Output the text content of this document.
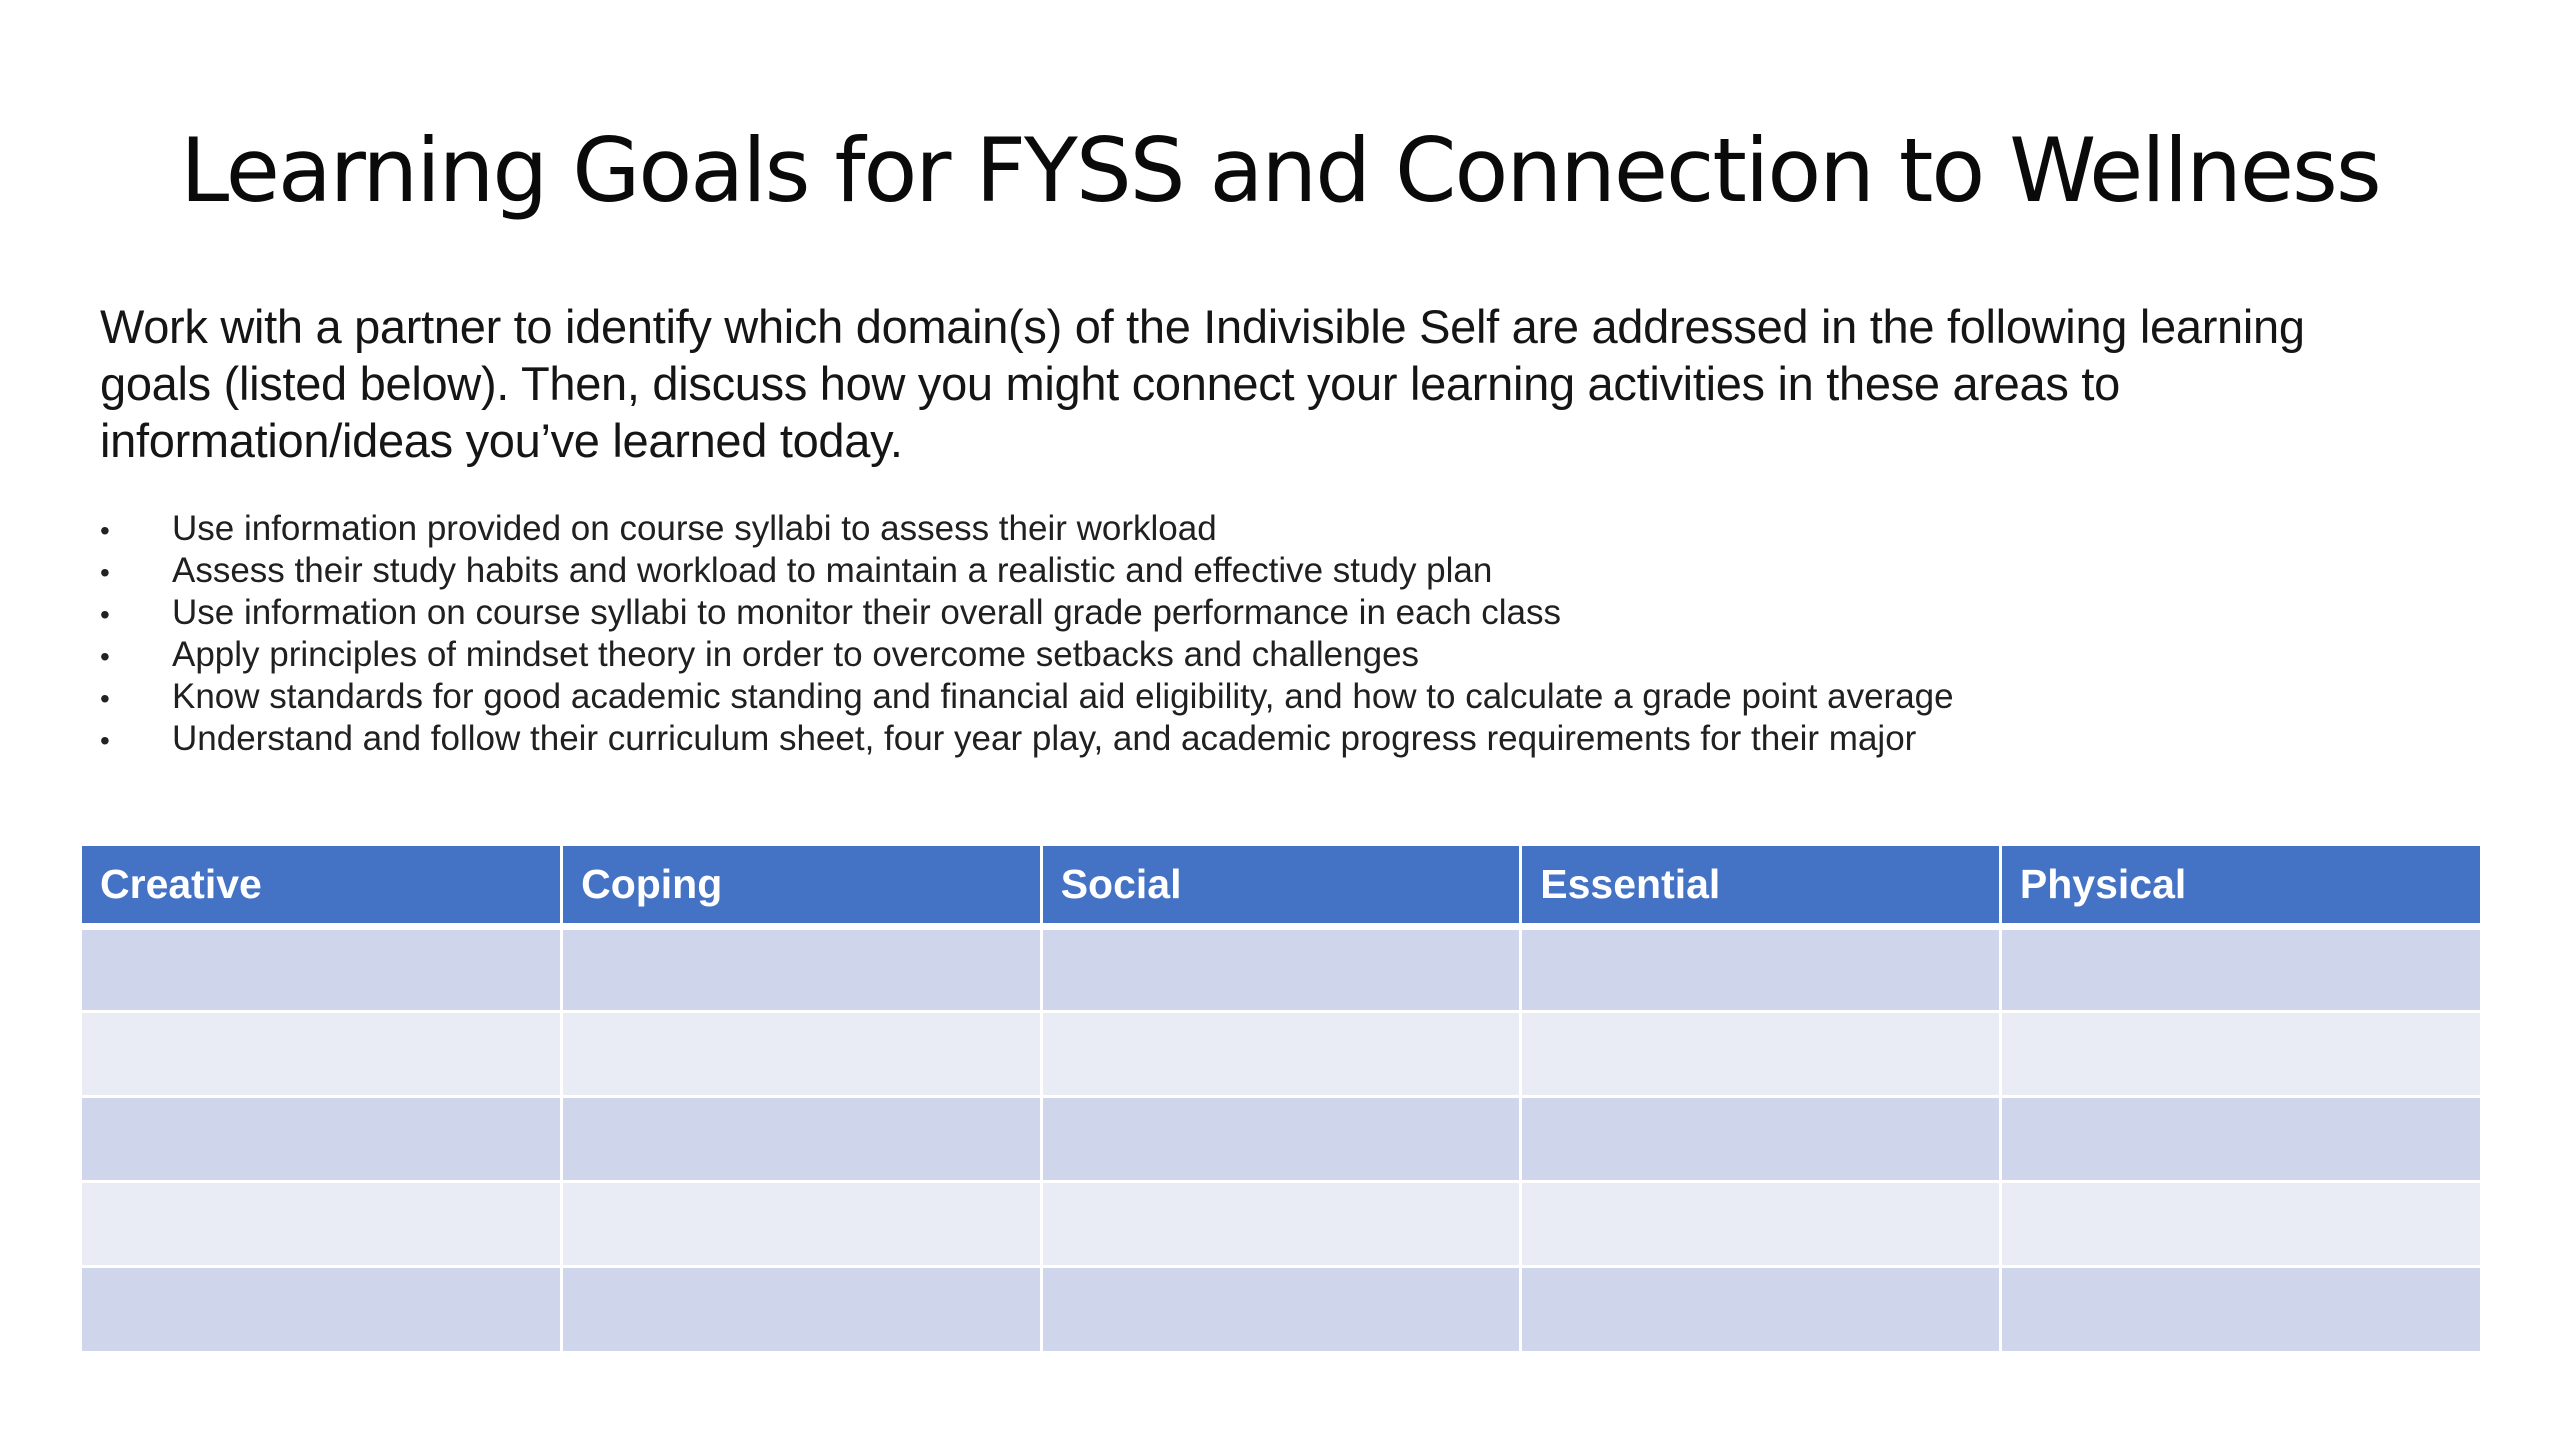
Learning Goals for FYSS and Connection to Wellness

Work with a partner to identify which domain(s) of the Indivisible Self are addressed in the following learning goals (listed below). Then, discuss how you might connect your learning activities in these areas to information/ideas you’ve learned today.

• Use information provided on course syllabi to assess their workload
• Assess their study habits and workload to maintain a realistic and effective study plan
• Use information on course syllabi to monitor their overall grade performance in each class
• Apply principles of mindset theory in order to overcome setbacks and challenges
• Know standards for good academic standing and financial aid eligibility, and how to calculate a grade point average
• Understand and follow their curriculum sheet, four year play, and academic progress requirements for their major
Creative	Coping	Social	Essential	Physical
